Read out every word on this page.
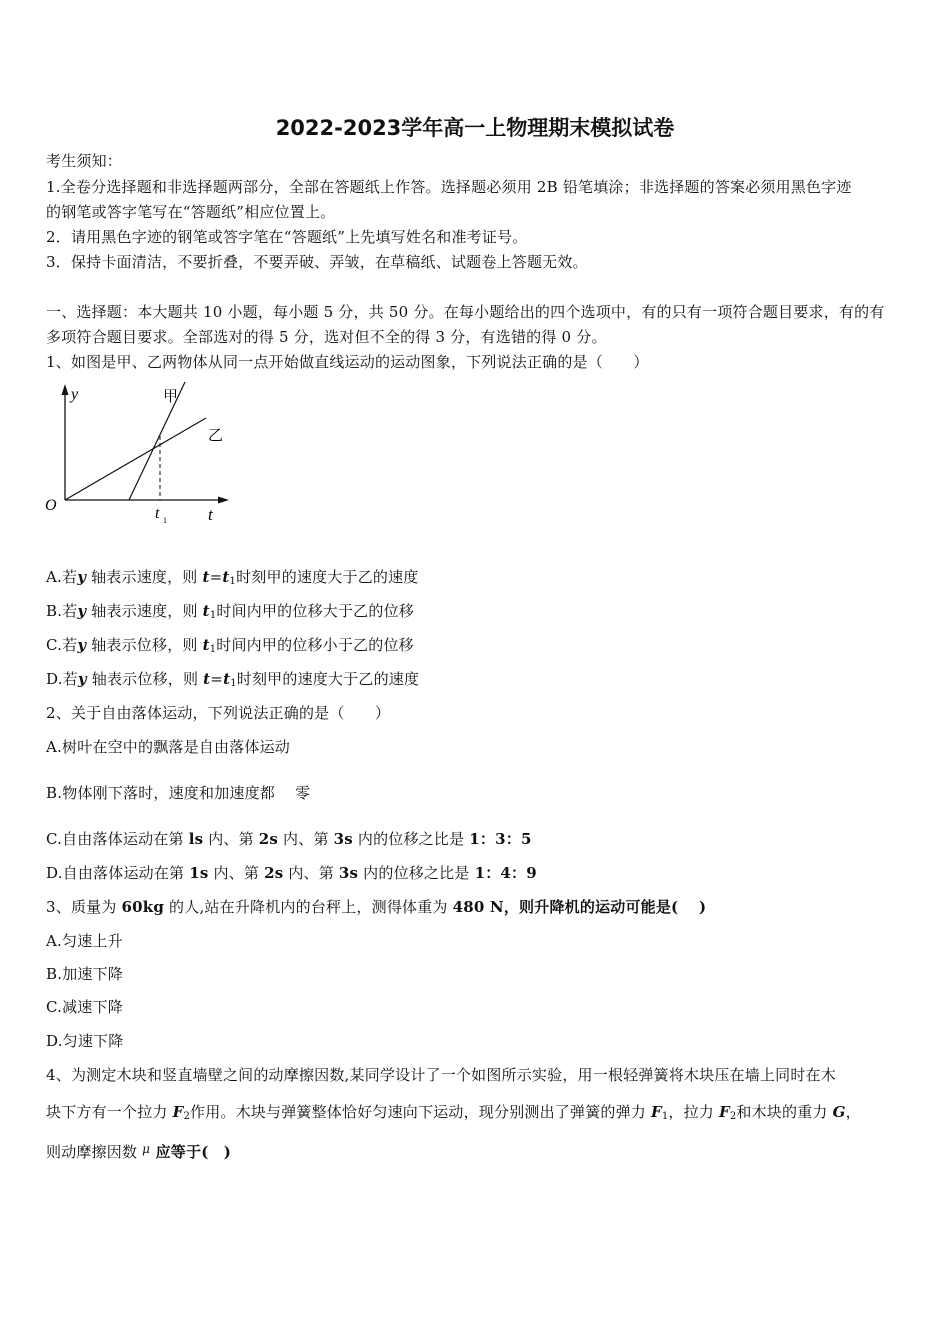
2022-2023学年高一上物理期末模拟试卷
考生须知：
1.全卷分选择题和非选择题两部分，全部在答题纸上作答。选择题必须用 2B 铅笔填涂；非选择题的答案必须用黑色字迹
的钢笔或答字笔写在“答题纸”相应位置上。
2．请用黑色字迹的钢笔或答字笔在“答题纸”上先填写姓名和准考证号。
3．保持卡面清洁，不要折叠，不要弄破、弄皱，在草稿纸、试题卷上答题无效。
一、选择题：本大题共 10 小题，每小题 5 分，共 50 分。在每小题给出的四个选项中，有的只有一项符合题目要求，有的有
多项符合题目要求。全部选对的得 5 分，选对但不全的得 3 分，有选错的得 0 分。
1、如图是甲、乙两物体从同一点开始做直线运动的运动图象，下列说法正确的是（　　）
y
t
O	t 1
甲
乙
A.若y 轴表示速度，则 $t=t_1$时刻甲的速度大于乙的速度
B.若y 轴表示速度，则 $t_1$时间内甲的位移大于乙的位移
C.若y 轴表示位移，则 $t_1$时间内甲的位移小于乙的位移
D.若y 轴表示位移，则 $t=t_1$时刻甲的速度大于乙的速度
2、关于自由落体运动，下列说法正确的是（　　）
A.树叶在空中的飘落是自由落体运动
B.物体刚下落时，速度和加速度都　 零
C.自由落体运动在第 ls 内、第 2s 内、第 3s 内的位移之比是 1：3：5
D.自由落体运动在第 1s 内、第 2s 内、第 3s 内的位移之比是 1：4：9
3、质量为 60kg 的人,站在升降机内的台秤上，测得体重为 480 N，则升降机的运动可能是(　 )
A.匀速上升
B.加速下降
C.减速下降
D.匀速下降
4、为测定木块和竖直墙壁之间的动摩擦因数,某同学设计了一个如图所示实验，用一根轻弹簧将木块压在墙上同时在木
块下方有一个拉力 $F_2$作用。木块与弹簧整体恰好匀速向下运动，现分别测出了弹簧的弹力 $F_1$，拉力 $F_2$和木块的重力 G，
则动摩擦因数 $^\mu$ 应等于(　)
